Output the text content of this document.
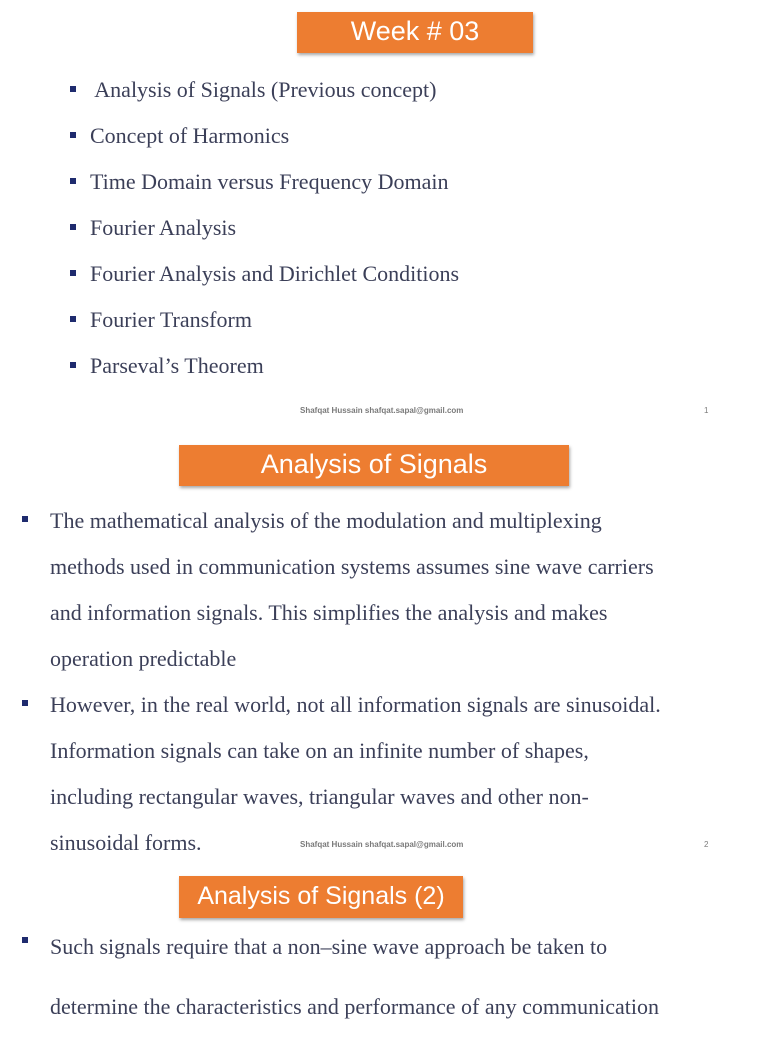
Week # 03
Analysis of Signals (Previous concept)
Concept of Harmonics
Time Domain versus Frequency Domain
Fourier Analysis
Fourier Analysis and Dirichlet Conditions
Fourier Transform
Parseval’s Theorem
Shafqat Hussain shafqat.sapal@gmail.com	1
Analysis of Signals
The mathematical analysis of the modulation and multiplexing
methods used in communication systems assumes sine wave carriers
and information signals. This simplifies the analysis and makes
operation predictable
However, in the real world, not all information signals are sinusoidal.
Information signals can take on an infinite number of shapes,
including rectangular waves, triangular waves and other non-
sinusoidal forms.	Shafqat Hussain shafqat.sapal@gmail.com	2
Analysis of Signals (2)
Such signals require that a non–sine wave approach be taken to
determine the characteristics and performance of any communication
